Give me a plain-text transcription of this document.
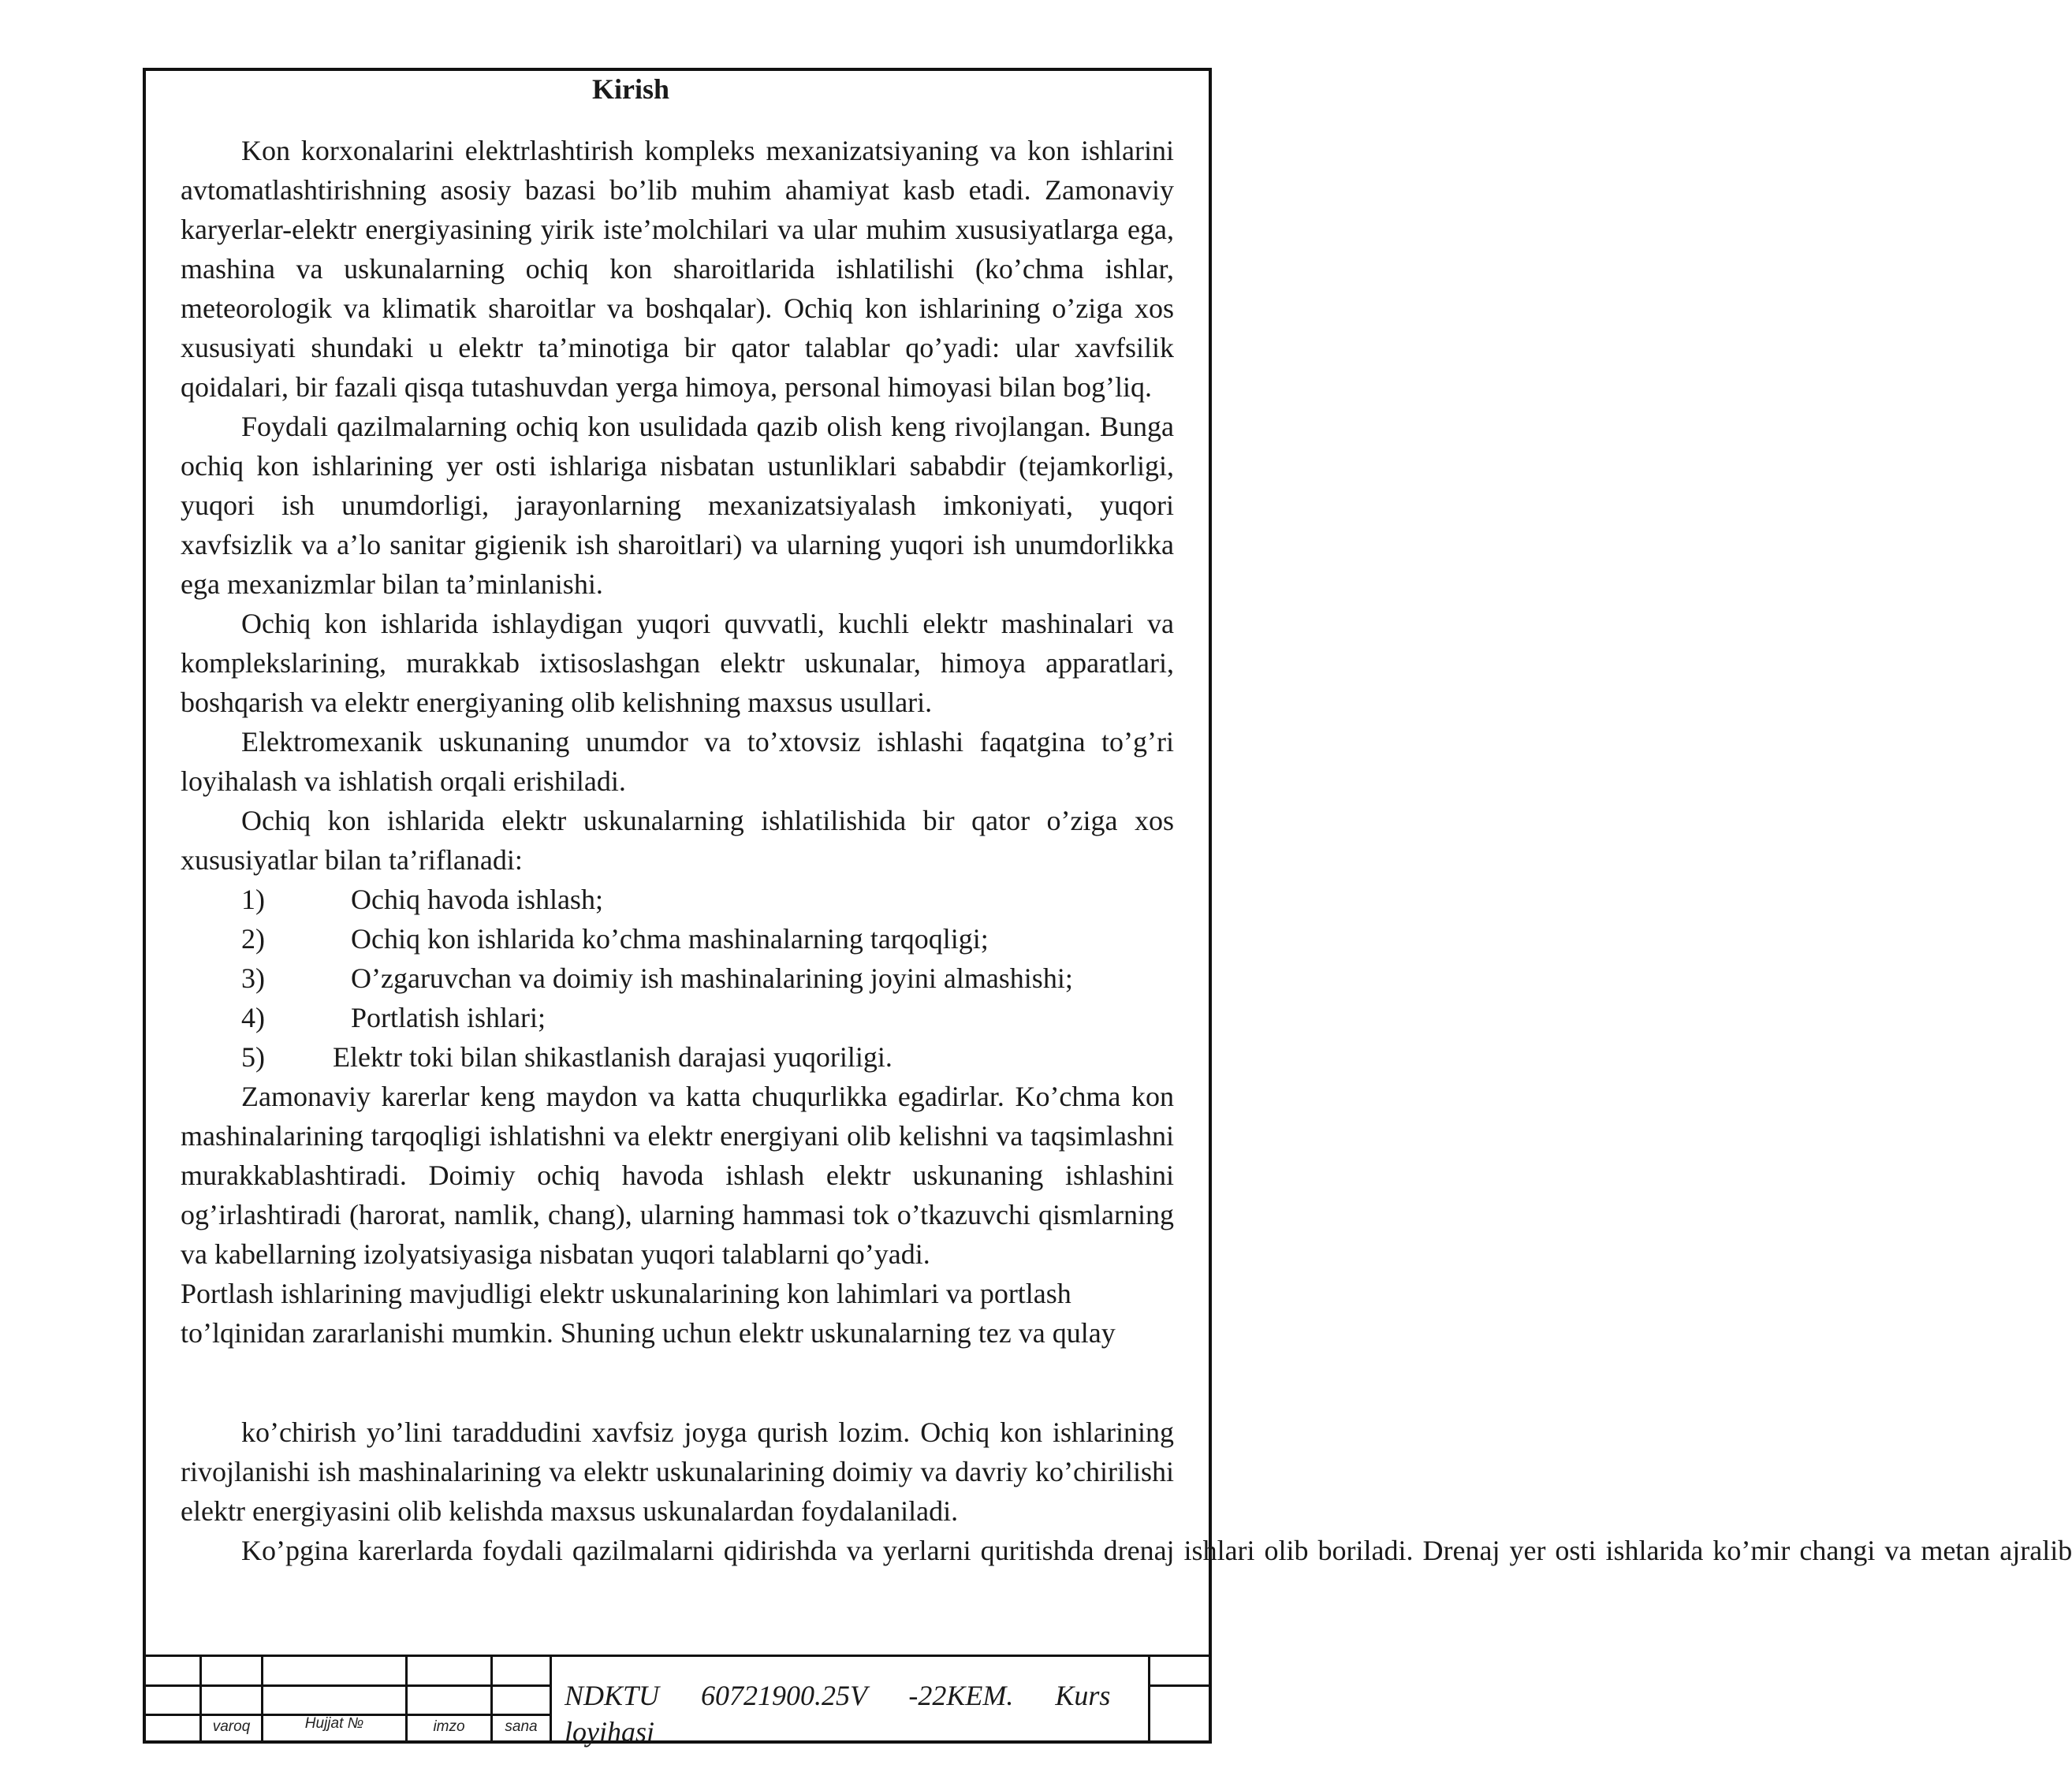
Kirish

Kon korxonalarini elektrlashtirish kompleks mexanizatsiyaning va kon ishlarini avtomatlashtirishning asosiy bazasi bo’lib muhim ahamiyat kasb etadi. Zamonaviy karyerlar-elektr energiyasining yirik iste’molchilari va ular muhim xususiyatlarga ega, mashina va uskunalarning ochiq kon sharoitlarida ishlatilishi (ko’chma ishlar, meteorologik va klimatik sharoitlar va boshqalar). Ochiq kon ishlarining o’ziga xos xususiyati shundaki u elektr ta’minotiga bir qator talablar qo’yadi: ular xavfsilik qoidalari, bir fazali qisqa tutashuvdan yerga himoya, personal himoyasi bilan bog’liq.

Foydali qazilmalarning ochiq kon usulidada qazib olish keng rivojlangan. Bunga ochiq kon ishlarining yer osti ishlariga nisbatan ustunliklari sababdir (tejamkorligi, yuqori ish unumdorligi, jarayonlarning mexanizatsiyalash imkoniyati, yuqori xavfsizlik va a’lo sanitar gigienik ish sharoitlari) va ularning yuqori ish unumdorlikka ega mexanizmlar bilan ta’minlanishi.

Ochiq kon ishlarida ishlaydigan yuqori quvvatli, kuchli elektr mashinalari va komplekslarining, murakkab ixtisoslashgan elektr uskunalar, himoya apparatlari, boshqarish va elektr energiyaning olib kelishning maxsus usullari.

Elektromexanik uskunaning unumdor va to’xtovsiz ishlashi faqatgina to’g’ri loyihalash va ishlatish orqali erishiladi.

Ochiq kon ishlarida elektr uskunalarning ishlatilishida bir qator o’ziga xos xususiyatlar bilan ta’riflanadi:

1)	Ochiq havoda ishlash;
2)	Ochiq kon ishlarida ko’chma mashinalarning tarqoqligi;
3)	O’zgaruvchan va doimiy ish mashinalarining joyini almashishi;
4)	Portlatish ishlari;
5) Elektr toki bilan shikastlanish darajasi yuqoriligi.

Zamonaviy karerlar keng maydon va katta chuqurlikka egadirlar. Ko’chma kon mashinalarining tarqoqligi ishlatishni va elektr energiyani olib kelishni va taqsimlashni murakkablashtiradi. Doimiy ochiq havoda ishlash elektr uskunaning ishlashini og’irlashtiradi (harorat, namlik, chang), ularning hammasi tok o’tkazuvchi qismlarning va kabellarning izolyatsiyasiga nisbatan yuqori talablarni qo’yadi.

Portlash ishlarining mavjudligi elektr uskunalarining kon lahimlari va portlash
to’lqinidan zararlanishi mumkin. Shuning uchun elektr uskunalarning tez va qulay

ko’chirish yo’lini taraddudini xavfsiz joyga qurish lozim. Ochiq kon ishlarining rivojlanishi ish mashinalarining va elektr uskunalarining doimiy va davriy ko’chirilishi elektr energiyasini olib kelishda maxsus uskunalardan foydalaniladi.

Ko’pgina karerlarda foydali qazilmalarni qidirishda va yerlarni quritishda drenaj ishlari olib boriladi. Drenaj yer osti ishlarida ko’mir changi va metan ajralib

varoq	Hujjat №	imzo	sana
NDKTU 60721900.25V -22KEM. Kurs loyihasi
